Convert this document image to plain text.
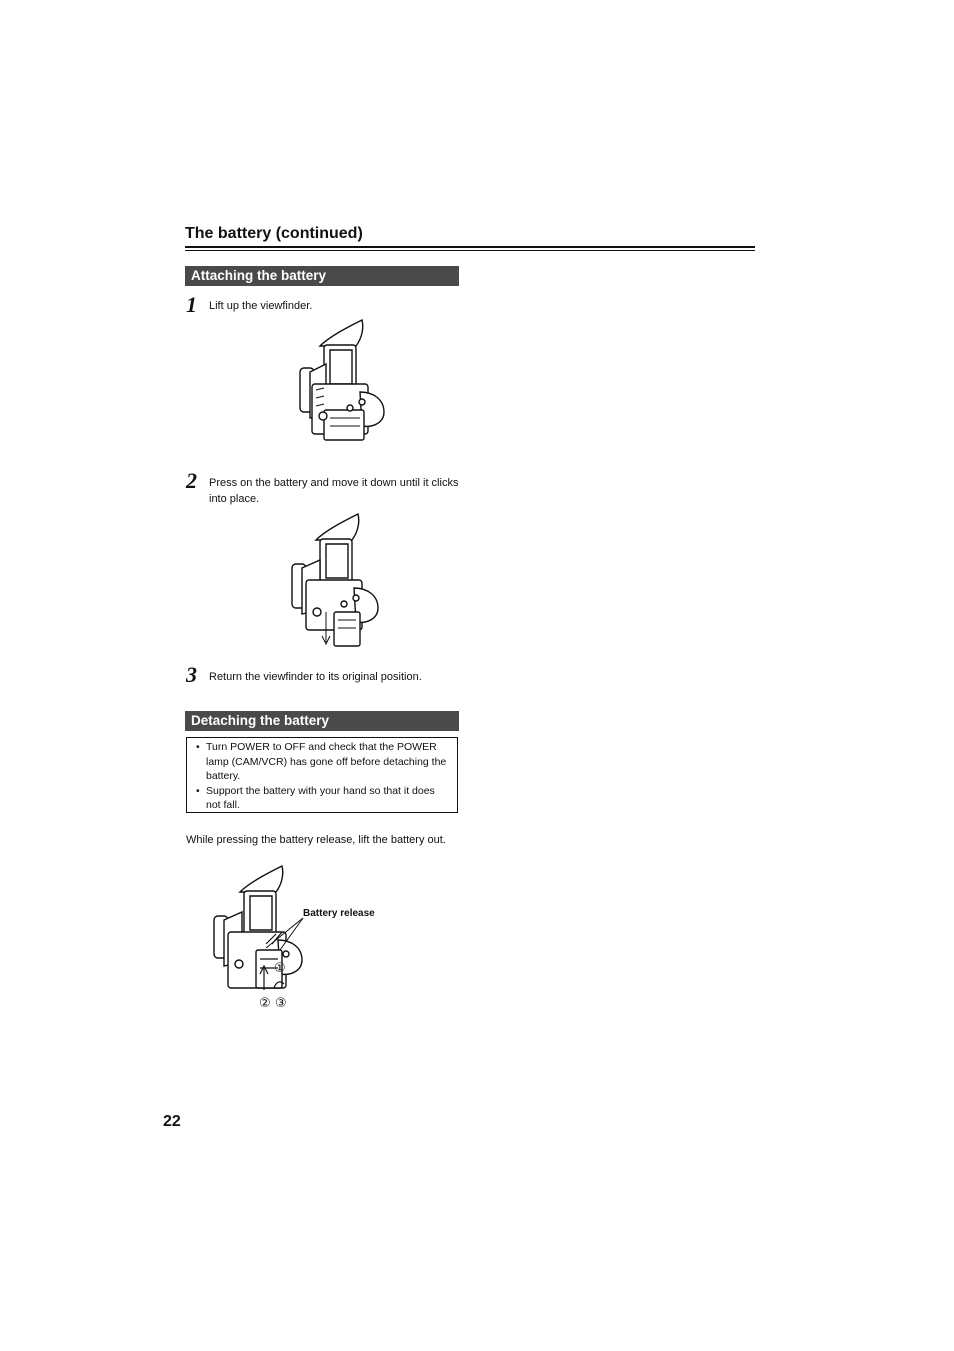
The battery (continued)
Attaching the battery
1 Lift up the viewfinder.
2 Press on the battery and move it down until it clicks into place.
3 Return the viewfinder to its original position.
Detaching the battery
• Turn POWER to OFF and check that the POWER lamp (CAM/VCR) has gone off before detaching the battery.
• Support the battery with your hand so that it does not fall.
While pressing the battery release, lift the battery out.
Battery release
①
② ③
22
